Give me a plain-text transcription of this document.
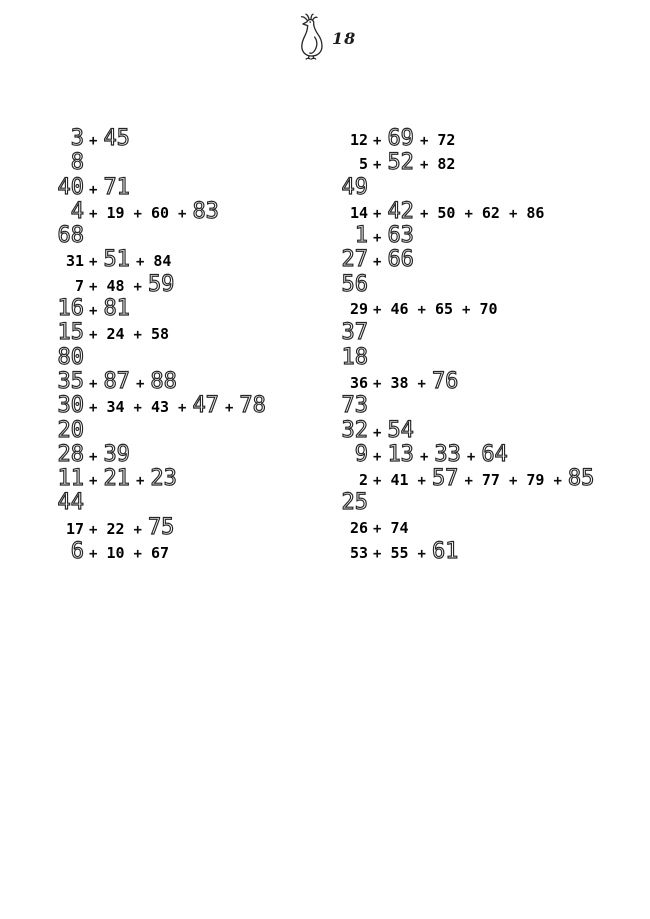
18
3 + 45
8
40 + 71
4 + 19 + 60 + 83
68
31 + 51 + 84
7 + 48 + 59
16 + 81
15 + 24 + 58
80
35 + 87 + 88
30 + 34 + 43 + 47 + 78
20
28 + 39
11 + 21 + 23
44
17 + 22 + 75
6 + 10 + 67
12 + 69 + 72
5 + 52 + 82
49
14 + 42 + 50 + 62 + 86
1 + 63
27 + 66
56
29 + 46 + 65 + 70
37
18
36 + 38 + 76
73
32 + 54
9 + 13 + 33 + 64
2 + 41 + 57 + 77 + 79 + 85
25
26 + 74
53 + 55 + 61
